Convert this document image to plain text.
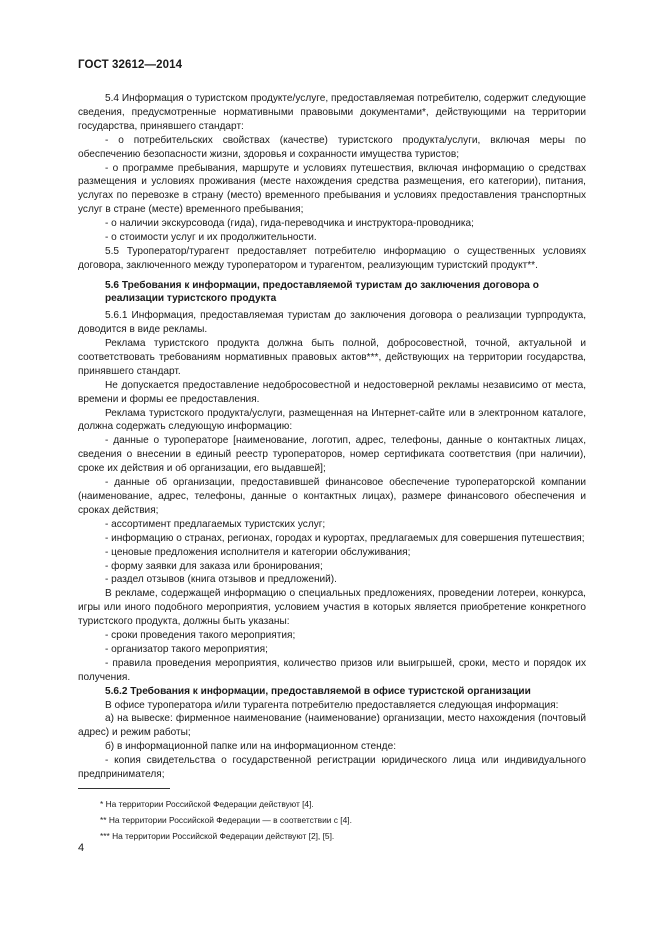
ГОСТ 32612—2014

5.4 Информация о туристском продукте/услуге, предоставляемая потребителю, содержит следующие сведения, предусмотренные нормативными правовыми документами*, действующими на территории государства, принявшего стандарт:

- о потребительских свойствах (качестве) туристского продукта/услуги, включая меры по обеспечению безопасности жизни, здоровья и сохранности имущества туристов;

- о программе пребывания, маршруте и условиях путешествия, включая информацию о средствах размещения и условиях проживания (месте нахождения средства размещения, его категории), питания, услугах по перевозке в страну (место) временного пребывания и условиях предоставления транспортных услуг в стране (месте) временного пребывания;

- о наличии экскурсовода (гида), гида-переводчика и инструктора-проводника;

- о стоимости услуг и их продолжительности.

5.5 Туроператор/турагент предоставляет потребителю информацию о существенных условиях договора, заключенного между туроператором и турагентом, реализующим туристский продукт**.

5.6 Требования к информации, предоставляемой туристам до заключения договора о реализации туристского продукта

5.6.1 Информация, предоставляемая туристам до заключения договора о реализации турпродукта, доводится в виде рекламы.

Реклама туристского продукта должна быть полной, добросовестной, точной, актуальной и соответствовать требованиям нормативных правовых актов***, действующих на территории государства, принявшего стандарт.

Не допускается предоставление недобросовестной и недостоверной рекламы независимо от места, времени и формы ее предоставления.

Реклама туристского продукта/услуги, размещенная на Интернет-сайте или в электронном каталоге, должна содержать следующую информацию:

- данные о туроператоре [наименование, логотип, адрес, телефоны, данные о контактных лицах, сведения о внесении в единый реестр туроператоров, номер сертификата соответствия (при наличии), сроке их действия и об организации, его выдавшей];

- данные об организации, предоставившей финансовое обеспечение туроператорской компании (наименование, адрес, телефоны, данные о контактных лицах), размере финансового обеспечения и сроках действия;

- ассортимент предлагаемых туристских услуг;

- информацию о странах, регионах, городах и курортах, предлагаемых для совершения путешествия;

- ценовые предложения исполнителя и категории обслуживания;

- форму заявки для заказа или бронирования;

- раздел отзывов (книга отзывов и предложений).

В рекламе, содержащей информацию о специальных предложениях, проведении лотереи, конкурса, игры или иного подобного мероприятия, условием участия в которых является приобретение конкретного туристского продукта, должны быть указаны:

- сроки проведения такого мероприятия;

- организатор такого мероприятия;

- правила проведения мероприятия, количество призов или выигрышей, сроки, место и порядок их получения.

5.6.2 Требования к информации, предоставляемой в офисе туристской организации

В офисе туроператора и/или турагента потребителю предоставляется следующая информация:

а) на вывеске: фирменное наименование (наименование) организации, место нахождения (почтовый адрес) и режим работы;

б) в информационной папке или на информационном стенде:

- копия свидетельства о государственной регистрации юридического лица или индивидуального предпринимателя;

* На территории Российской Федерации действуют [4].
** На территории Российской Федерации — в соответствии с [4].
*** На территории Российской Федерации действуют [2], [5].
4
